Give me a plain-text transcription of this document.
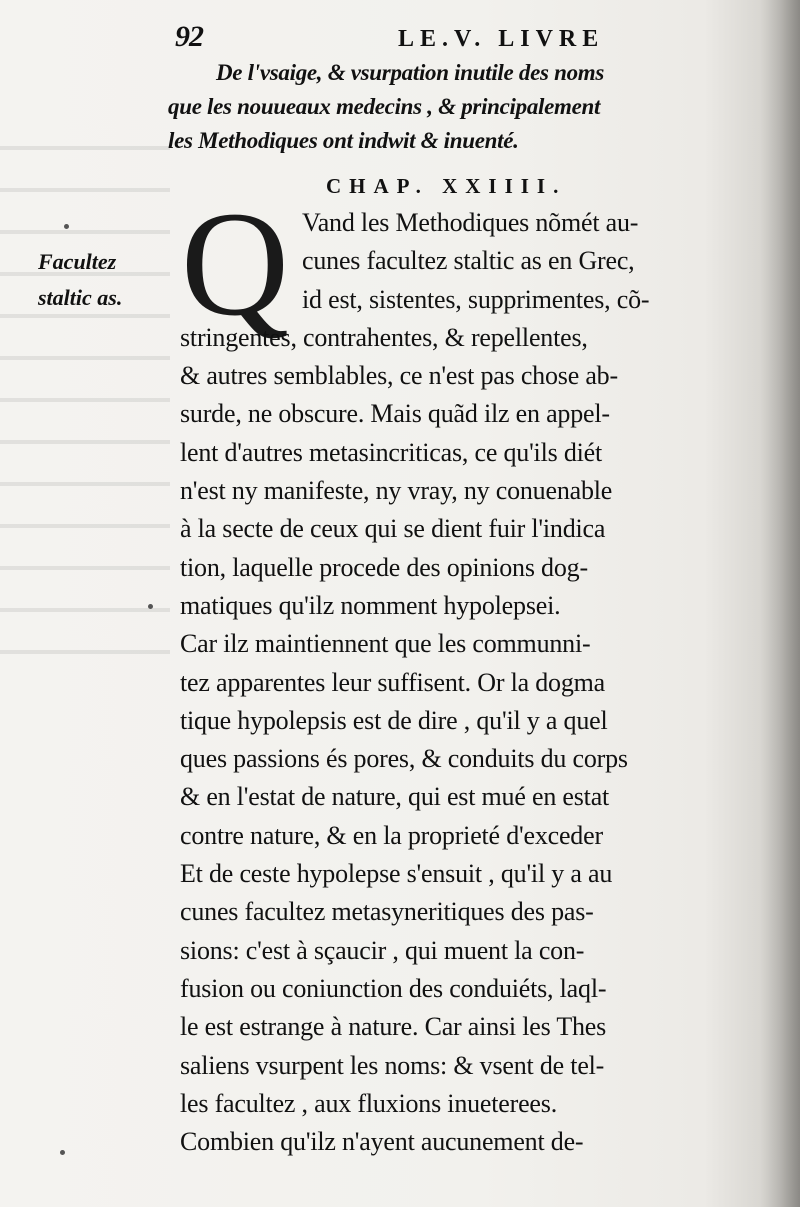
92	LE.V. LIVRE
De l'vsaige, & vsurpation inutile des noms
que les nouueaux medecins , & principalement
les Methodiques ont indwit & inuenté.
CHAP. XXIIII.
Facultez
staltic as. Q Vand les Methodiques nõmét au-
cunes facultez staltic as en Grec,
id est, sistentes, supprimentes, cõ-
stringentes, contrahentes, & repellentes,
& autres semblables, ce n'est pas chose ab-
surde, ne obscure. Mais quãd ilz en appel-
lent d'autres metasincriticas, ce qu'ils diét
n'est ny manifeste, ny vray, ny conuenable
à la secte de ceux qui se dient fuir l'indica
tion, laquelle procede des opinions dog-
matiques qu'ilz nomment hypolepsei.
Car ilz maintiennent que les communni-
tez apparentes leur suffisent. Or la dogma
tique hypolepsis est de dire , qu'il y a quel
ques passions és pores, & conduits du corps
& en l'estat de nature, qui est mué en estat
contre nature, & en la proprieté d'exceder
Et de ceste hypolepse s'ensuit , qu'il y a au
cunes facultez metasyneritiques des pas-
sions: c'est à sçaucir , qui muent la con-
fusion ou coniunction des conduiéts, laql-
le est estrange à nature. Car ainsi les Thes
saliens vsurpent les noms: & vsent de tel-
les facultez , aux fluxions inueterees.
Combien qu'ilz n'ayent aucunement de-
